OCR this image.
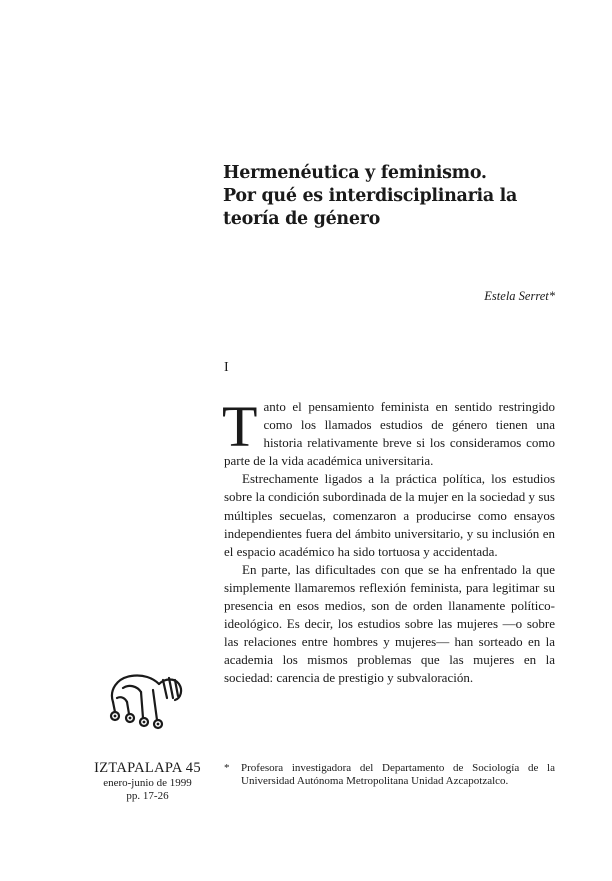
Hermenéutica y feminismo.
Por qué es interdisciplinaria la
teoría de género
Estela Serret*
I

Tanto el pensamiento feminista en sentido restringido como los llamados estudios de género tienen una historia relativamente breve si los consideramos como parte de la vida académica universitaria.

Estrechamente ligados a la práctica política, los estudios sobre la condición subordinada de la mujer en la sociedad y sus múltiples secuelas, comenzaron a producirse como ensayos independientes fuera del ámbito universitario, y su inclusión en el espacio académico ha sido tortuosa y accidentada.

En parte, las dificultades con que se ha enfrentado la que simplemente llamaremos reflexión feminista, para legitimar su presencia en esos medios, son de orden llanamente político-ideológico. Es decir, los estudios sobre las mujeres —o sobre las relaciones entre hombres y mujeres— han sorteado en la academia los mismos problemas que las mujeres en la sociedad: carencia de prestigio y subvaloración.

IZTAPALAPA 45
enero-junio de 1999
pp. 17-26
* Profesora investigadora del Departamento de Sociología de la Universidad Autónoma Metropolitana Unidad Azcapotzalco.
